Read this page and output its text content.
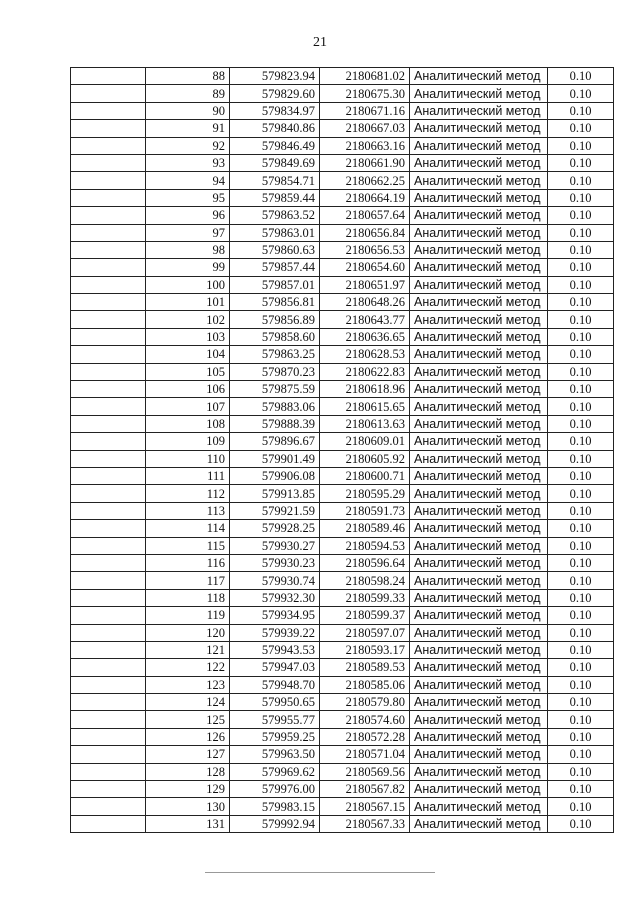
21
	88	579823.94	2180681.02	Аналитический метод	0.10
	89	579829.60	2180675.30	Аналитический метод	0.10
	90	579834.97	2180671.16	Аналитический метод	0.10
	91	579840.86	2180667.03	Аналитический метод	0.10
	92	579846.49	2180663.16	Аналитический метод	0.10
	93	579849.69	2180661.90	Аналитический метод	0.10
	94	579854.71	2180662.25	Аналитический метод	0.10
	95	579859.44	2180664.19	Аналитический метод	0.10
	96	579863.52	2180657.64	Аналитический метод	0.10
	97	579863.01	2180656.84	Аналитический метод	0.10
	98	579860.63	2180656.53	Аналитический метод	0.10
	99	579857.44	2180654.60	Аналитический метод	0.10
	100	579857.01	2180651.97	Аналитический метод	0.10
	101	579856.81	2180648.26	Аналитический метод	0.10
	102	579856.89	2180643.77	Аналитический метод	0.10
	103	579858.60	2180636.65	Аналитический метод	0.10
	104	579863.25	2180628.53	Аналитический метод	0.10
	105	579870.23	2180622.83	Аналитический метод	0.10
	106	579875.59	2180618.96	Аналитический метод	0.10
	107	579883.06	2180615.65	Аналитический метод	0.10
	108	579888.39	2180613.63	Аналитический метод	0.10
	109	579896.67	2180609.01	Аналитический метод	0.10
	110	579901.49	2180605.92	Аналитический метод	0.10
	111	579906.08	2180600.71	Аналитический метод	0.10
	112	579913.85	2180595.29	Аналитический метод	0.10
	113	579921.59	2180591.73	Аналитический метод	0.10
	114	579928.25	2180589.46	Аналитический метод	0.10
	115	579930.27	2180594.53	Аналитический метод	0.10
	116	579930.23	2180596.64	Аналитический метод	0.10
	117	579930.74	2180598.24	Аналитический метод	0.10
	118	579932.30	2180599.33	Аналитический метод	0.10
	119	579934.95	2180599.37	Аналитический метод	0.10
	120	579939.22	2180597.07	Аналитический метод	0.10
	121	579943.53	2180593.17	Аналитический метод	0.10
	122	579947.03	2180589.53	Аналитический метод	0.10
	123	579948.70	2180585.06	Аналитический метод	0.10
	124	579950.65	2180579.80	Аналитический метод	0.10
	125	579955.77	2180574.60	Аналитический метод	0.10
	126	579959.25	2180572.28	Аналитический метод	0.10
	127	579963.50	2180571.04	Аналитический метод	0.10
	128	579969.62	2180569.56	Аналитический метод	0.10
	129	579976.00	2180567.82	Аналитический метод	0.10
	130	579983.15	2180567.15	Аналитический метод	0.10
	131	579992.94	2180567.33	Аналитический метод	0.10
